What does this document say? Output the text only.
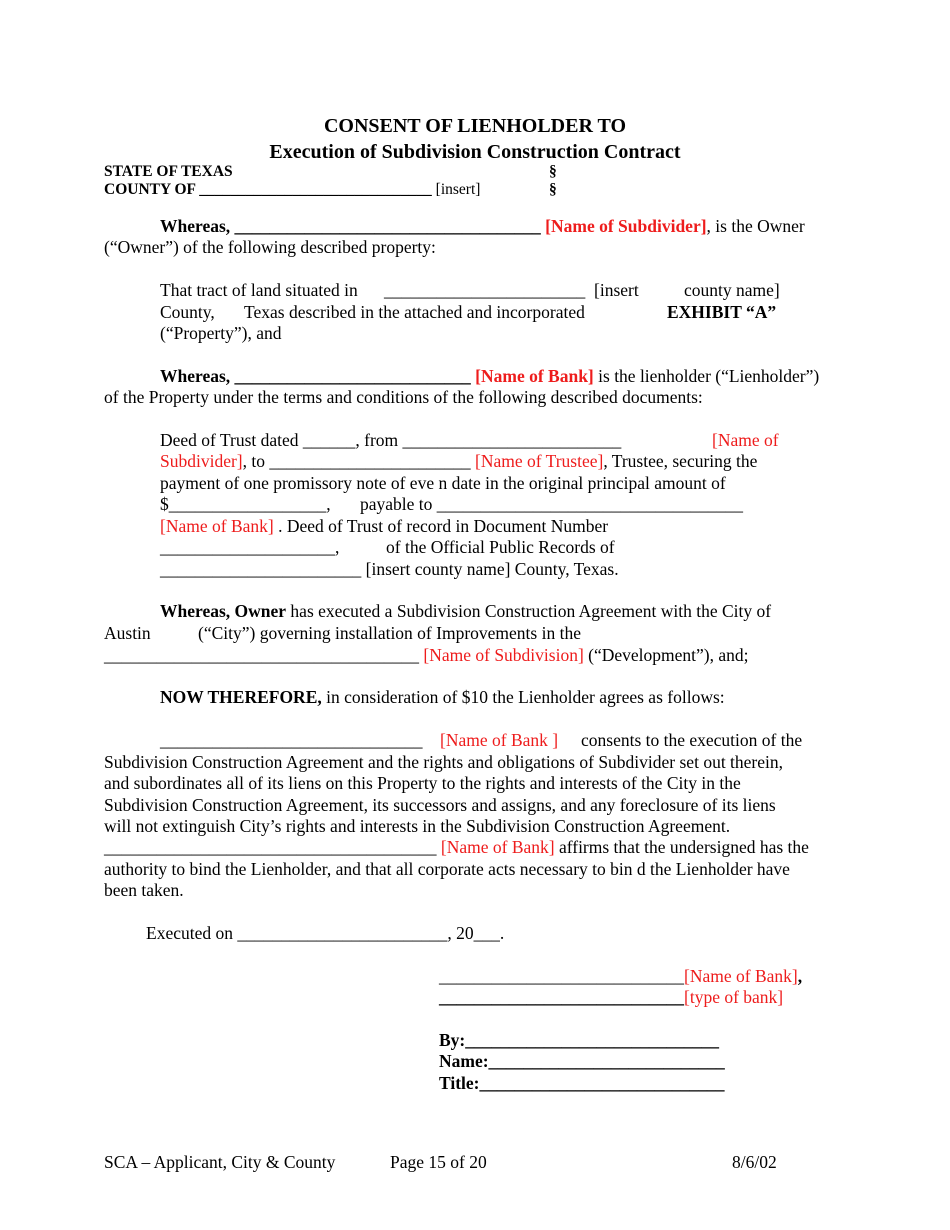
CONSENT OF LIENHOLDER TO
Execution of Subdivision Construction Contract
STATE OF TEXAS	§
COUNTY OF ______________________________ [insert]	§
Whereas, ___________________________________ [Name of Subdivider], is the Owner
(“Owner”) of the following described property:
That tract of land situated in _______________________ [insert	county name]
County, Texas described in the attached and incorporated	EXHIBIT “A”
(“Property”), and
Whereas, ___________________________ [Name of Bank] is the lienholder (“Lienholder”)
of the Property under the terms and conditions of the following described documents:
Deed of Trust dated ______, from _________________________	[Name of
Subdivider], to _______________________ [Name of Trustee], Trustee, securing the
payment of one promissory note of eve n date in the original principal amount of
$__________________, payable to ___________________________________
[Name of Bank] . Deed of Trust of record in Document Number
____________________,	of the Official Public Records of
_______________________ [insert county name] County, Texas.
Whereas, Owner has executed a Subdivision Construction Agreement with the City of
Austin	(“City”) governing installation of Improvements in the
____________________________________ [Name of Subdivision] (“Development”), and;
NOW THEREFORE, in consideration of $10 the Lienholder agrees as follows:
______________________________ [Name of Bank ] consents to the execution of the
Subdivision Construction Agreement and the rights and obligations of Subdivider set out therein,
and subordinates all of its liens on this Property to the rights and interests of the City in the
Subdivision Construction Agreement, its successors and assigns, and any foreclosure of its liens
will not extinguish City’s rights and interests in the Subdivision Construction Agreement.
______________________________________ [Name of Bank] affirms that the undersigned has the
authority to bind the Lienholder, and that all corporate acts necessary to bin d the Lienholder have
been taken.
Executed on ________________________, 20___.
____________________________[Name of Bank],
____________________________[type of bank]
By:_____________________________
Name:___________________________
Title:____________________________
SCA – Applicant, City & County	Page 15 of 20	8/6/02
